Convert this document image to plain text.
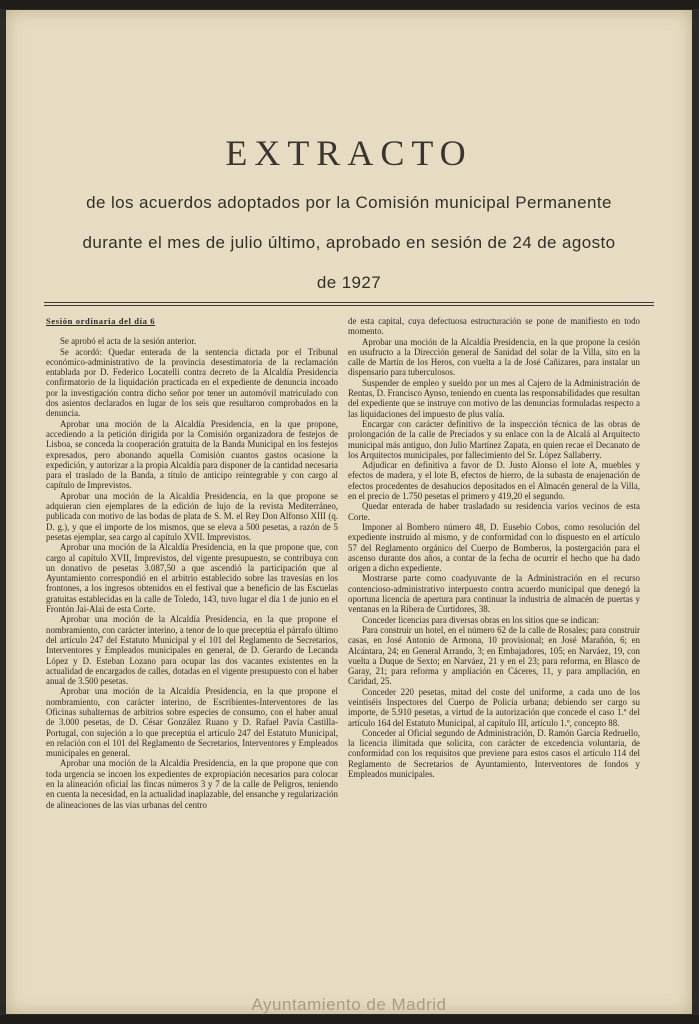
EXTRACTO
de los acuerdos adoptados por la Comisión municipal Permanente
durante el mes de julio último, aprobado en sesión de 24 de agosto
de 1927

Sesión ordinaria del día 6

Se aprobó el acta de la sesión anterior.

Se acordó: Quedar enterada de la sentencia dictada por el Tribunal económico-administrativo de la provincia desestimatoria de la reclamación entablada por D. Federico Locatelli contra decreto de la Alcaldía Presidencia confirmatorio de la liquidación practicada en el expediente de denuncia incoado por la investigación contra dicho señor por tener un automóvil matriculado con dos asientos declarados en lugar de los seis que resultaron comprobados en la denuncia.

Aprobar una moción de la Alcaldía Presidencia, en la que propone, accediendo a la petición dirigida por la Comisión organizadora de festejos de Lisboa, se conceda la cooperación gratuita de la Banda Municipal en los festejos expresados, pero abonando aquella Comisión cuantos gastos ocasione la expedición, y autorizar a la propia Alcaldía para disponer de la cantidad necesaria para el traslado de la Banda, a título de anticipo reintegrable y con cargo al capítulo de Imprevistos.

Aprobar una moción de la Alcaldía Presidencia, en la que propone se adquieran cien ejemplares de la edición de lujo de la revista Mediterráneo, publicada con motivo de las bodas de plata de S. M. el Rey Don Alfonso XIII (q. D. g.), y que el importe de los mismos, que se eleva a 500 pesetas, a razón de 5 pesetas ejemplar, sea cargo al capítulo XVII. Imprevistos.

Aprobar una moción de la Alcaldía Presidencia, en la que propone que, con cargo al capítulo XVII, Imprevistos, del vigente presupuesto, se contribuya con un donativo de pesetas 3.087,50 a que ascendió la participación que al Ayuntamiento correspondió en el arbitrio establecido sobre las travesías en los frontones, a los ingresos obtenidos en el festival que a beneficio de las Escuelas gratuitas establecidas en la calle de Toledo, 143, tuvo lugar el día 1 de junio en el Frontón Jai-Alai de esta Corte.

Aprobar una moción de la Alcaldía Presidencia, en la que propone el nombramiento, con carácter interino, a tenor de lo que preceptúa el párrafo último del artículo 247 del Estatuto Municipal y el 101 del Reglamento de Secretarios, Interventores y Empleados municipales en general, de D. Gerardo de Lecanda López y D. Esteban Lozano para ocupar las dos vacantes existentes en la actualidad de encargados de calles, dotadas en el vigente presupuesto con el haber anual de 3.500 pesetas.

Aprobar una moción de la Alcaldía Presidencia, en la que propone el nombramiento, con carácter interino, de Escribientes-Interventores de las Oficinas subalternas de arbitrios sobre especies de consumo, con el haber anual de 3.000 pesetas, de D. César González Ruano y D. Rafael Pavía Castilla-Portugal, con sujeción a lo que preceptúa el artículo 247 del Estatuto Municipal, en relación con el 101 del Reglamento de Secretarios, Interventores y Empleados municipales en general.

Aprobar una moción de la Alcaldía Presidencia, en la que propone que con toda urgencia se incoen los expedientes de expropiación necesarios para colocar en la alineación oficial las fincas números 3 y 7 de la calle de Peligros, teniendo en cuenta la necesidad, en la actualidad inaplazable, del ensanche y regularización de alineaciones de las vías urbanas del centro

de esta capital, cuya defectuosa estructuración se pone de manifiesto en todo momento.

Aprobar una moción de la Alcaldía Presidencia, en la que propone la cesión en usufructo a la Dirección general de Sanidad del solar de la Villa, sito en la calle de Martín de los Heros, con vuelta a la de José Cañizares, para instalar un dispensario para tuberculosos.

Suspender de empleo y sueldo por un mes al Cajero de la Administración de Rentas, D. Francisco Aynso, teniendo en cuenta las responsabilidades que resultan del expediente que se instruye con motivo de las denuncias formuladas respecto a las liquidaciones del impuesto de plus valía.

Encargar con carácter definitivo de la inspección técnica de las obras de prolongación de la calle de Preciados y su enlace con la de Alcalá al Arquitecto municipal más antiguo, don Julio Martínez Zapata, en quien recae el Decanato de los Arquitectos municipales, por fallecimiento del Sr. López Sallaberry.

Adjudicar en definitiva a favor de D. Justo Alonso el lote A, muebles y efectos de madera, y el lote B, efectos de hierro, de la subasta de enajenación de efectos procedentes de desahucios depositados en el Almacén general de la Villa, en el precio de 1.750 pesetas el primero y 419,20 el segundo.

Quedar enterada de haber trasladado su residencia varios vecinos de esta Corte.

Imponer al Bombero número 48, D. Eusebio Cobos, como resolución del expediente instruido al mismo, y de conformidad con lo dispuesto en el artículo 57 del Reglamento orgánico del Cuerpo de Bomberos, la postergación para el ascenso durante dos años, a contar de la fecha de ocurrir el hecho que ha dado origen a dicho expediente.

Mostrarse parte como coadyuvante de la Administración en el recurso contencioso-administrativo interpuesto contra acuerdo municipal que denegó la oportuna licencia de apertura para continuar la industria de almacén de puertas y ventanas en la Ribera de Curtidores, 38.

Conceder licencias para diversas obras en los sitios que se indican:

Para construir un hotel, en el número 62 de la calle de Rosales; para construir casas, en José Antonio de Armona, 10 provisional; en José Marañón, 6; en Alcántara, 24; en General Arrando, 3; en Embajadores, 105; en Narváez, 19, con vuelta a Duque de Sexto; en Narváez, 21 y en el 23; para reforma, en Blasco de Garay, 21; para reforma y ampliación en Cáceres, 11, y para ampliación, en Caridad, 25.

Conceder 220 pesetas, mitad del coste del uniforme, a cada uno de los veintiséis Inspectores del Cuerpo de Policía urbana; debiendo ser cargo su importe, de 5.910 pesetas, a virtud de la autorización que concede el caso 1.º del artículo 164 del Estatuto Municipal, al capítulo III, artículo 1.º, concepto 88.

Conceder al Oficial segundo de Administración, D. Ramón García Redruello, la licencia ilimitada que solicita, con carácter de excedencia voluntaria, de conformidad con los requisitos que previene para estos casos el artículo 114 del Reglamento de Secretarios de Ayuntamiento, Interventores de fondos y Empleados municipales.

Ayuntamiento de Madrid
